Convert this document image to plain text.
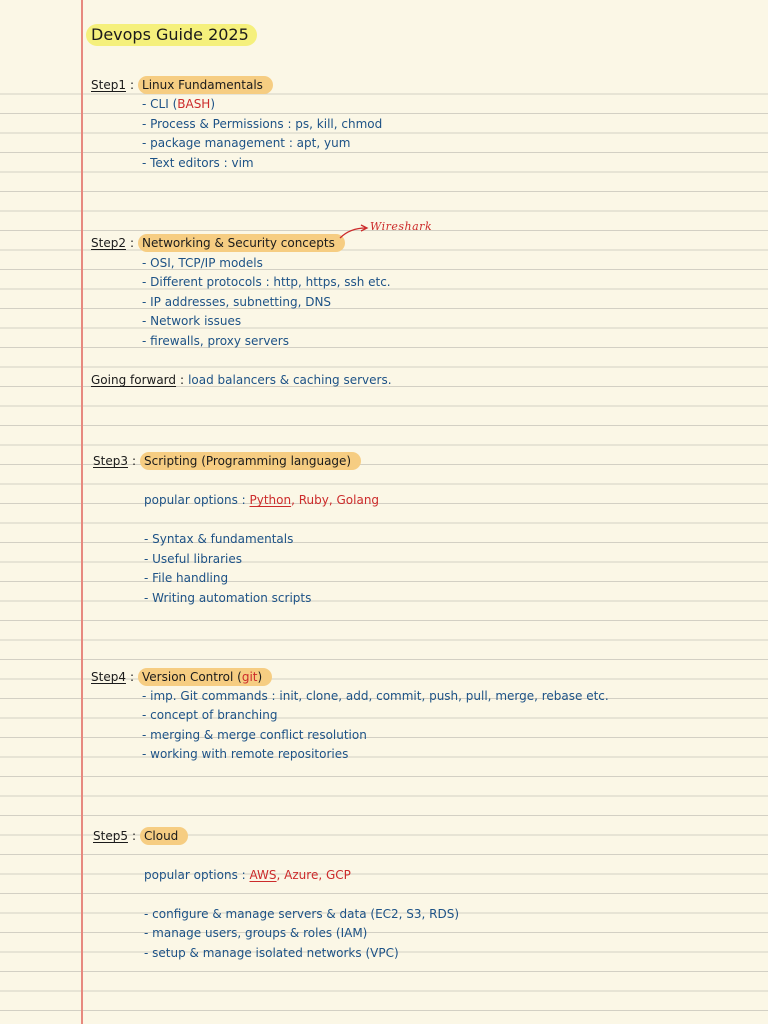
Devops Guide 2025
Step1 : Linux Fundamentals
- CLI (BASH)
- Process & Permissions : ps, kill, chmod
- package management : apt, yum
- Text editors : vim
Step2 : Networking & Security concepts
Wireshark
- OSI, TCP/IP models
- Different protocols : http, https, ssh etc.
- IP addresses, subnetting, DNS
- Network issues
- firewalls, proxy servers
Going forward : load balancers & caching servers.
Step3 : Scripting (Programming language)
popular options : Python, Ruby, Golang
- Syntax & fundamentals
- Useful libraries
- File handling
- Writing automation scripts
Step4 : Version Control (git)
- imp. Git commands : init, clone, add, commit, push, pull, merge, rebase etc.
- concept of branching
- merging & merge conflict resolution
- working with remote repositories
Step5 : Cloud
popular options : AWS, Azure, GCP
- configure & manage servers & data (EC2, S3, RDS)
- manage users, groups & roles (IAM)
- setup & manage isolated networks (VPC)
